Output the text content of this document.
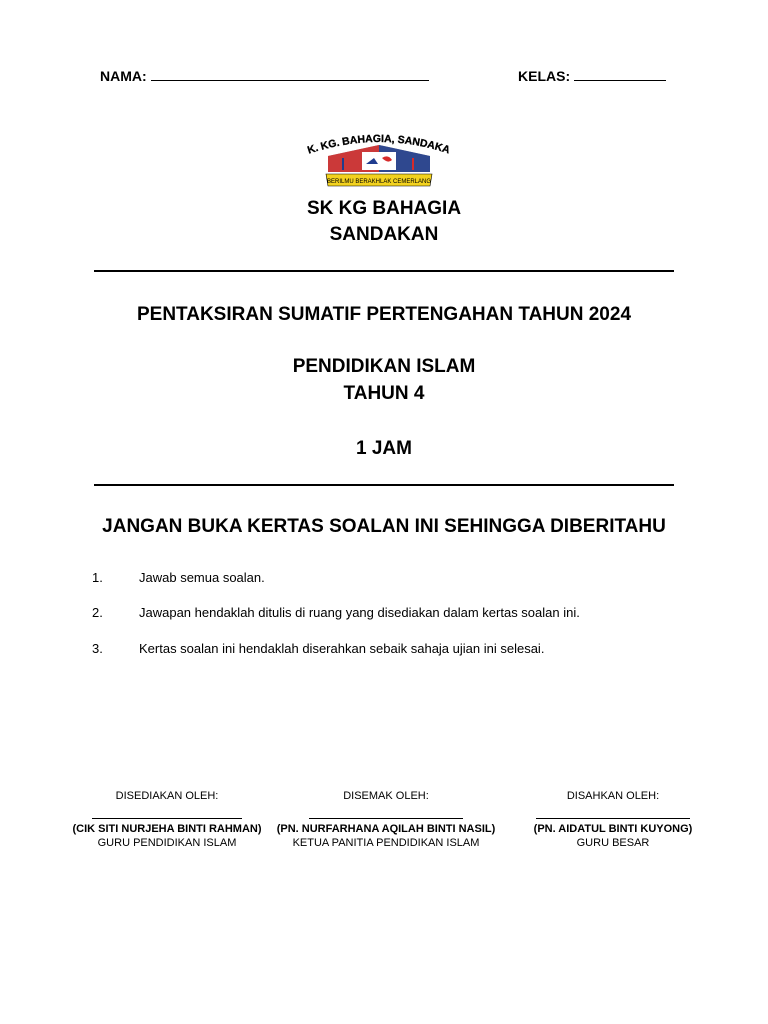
NAMA:	KELAS:
K. KG. BAHAGIA, SANDAKA
BERILMU BERAKHLAK CEMERLANG
SK KG BAHAGIA
SANDAKAN
PENTAKSIRAN SUMATIF PERTENGAHAN TAHUN 2024
PENDIDIKAN ISLAM
TAHUN 4
1 JAM
JANGAN BUKA KERTAS SOALAN INI SEHINGGA DIBERITAHU
1.	Jawab semua soalan.
2.	Jawapan hendaklah ditulis di ruang yang disediakan dalam kertas soalan ini.
3.	Kertas soalan ini hendaklah diserahkan sebaik sahaja ujian ini selesai.
DISEDIAKAN OLEH:
(CIK SITI NURJEHA BINTI RAHMAN)
GURU PENDIDIKAN ISLAM
DISEMAK OLEH:
(PN. NURFARHANA AQILAH BINTI NASIL)
KETUA PANITIA PENDIDIKAN ISLAM
DISAHKAN OLEH:
(PN. AIDATUL BINTI KUYONG)
GURU BESAR
